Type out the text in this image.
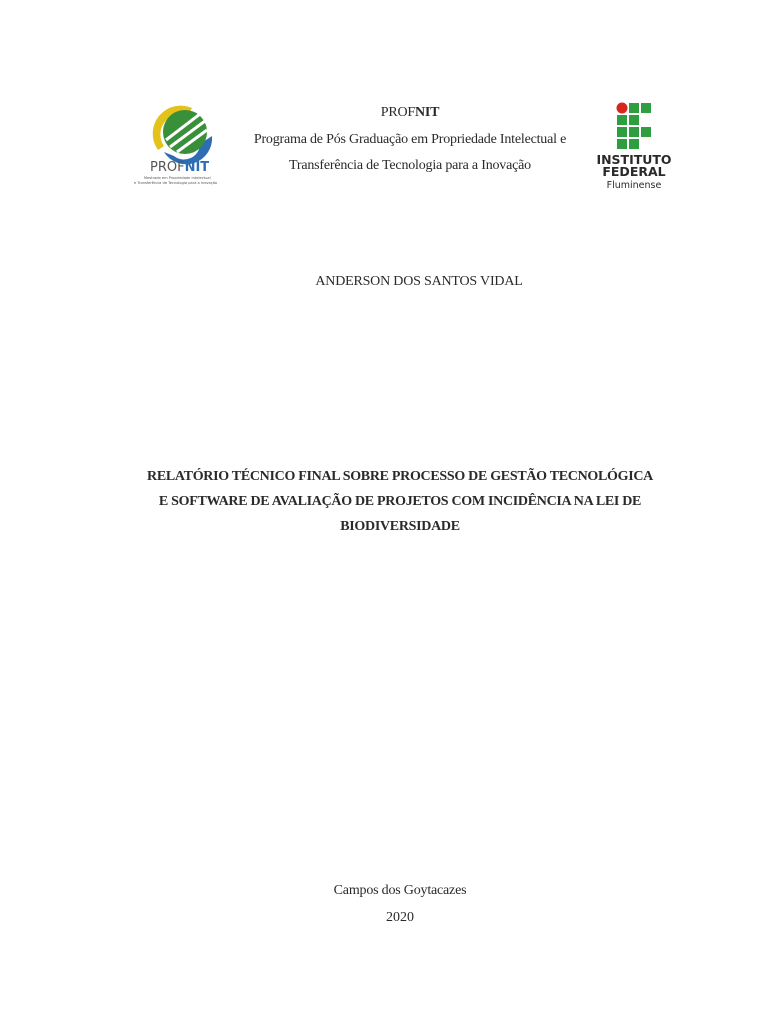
PROFNIT
Mestrado em Propriedade Intelectual
e Transferência de Tecnologia para a Inovação
PROFNIT
Programa de Pós Graduação em Propriedade Intelectual e
Transferência de Tecnologia para a Inovação	INSTITUTO
FEDERAL
Fluminense
ANDERSON DOS SANTOS VIDAL
RELATÓRIO TÉCNICO FINAL SOBRE PROCESSO DE GESTÃO TECNOLÓGICA
E SOFTWARE DE AVALIAÇÃO DE PROJETOS COM INCIDÊNCIA NA LEI DE
BIODIVERSIDADE
Campos dos Goytacazes
2020
